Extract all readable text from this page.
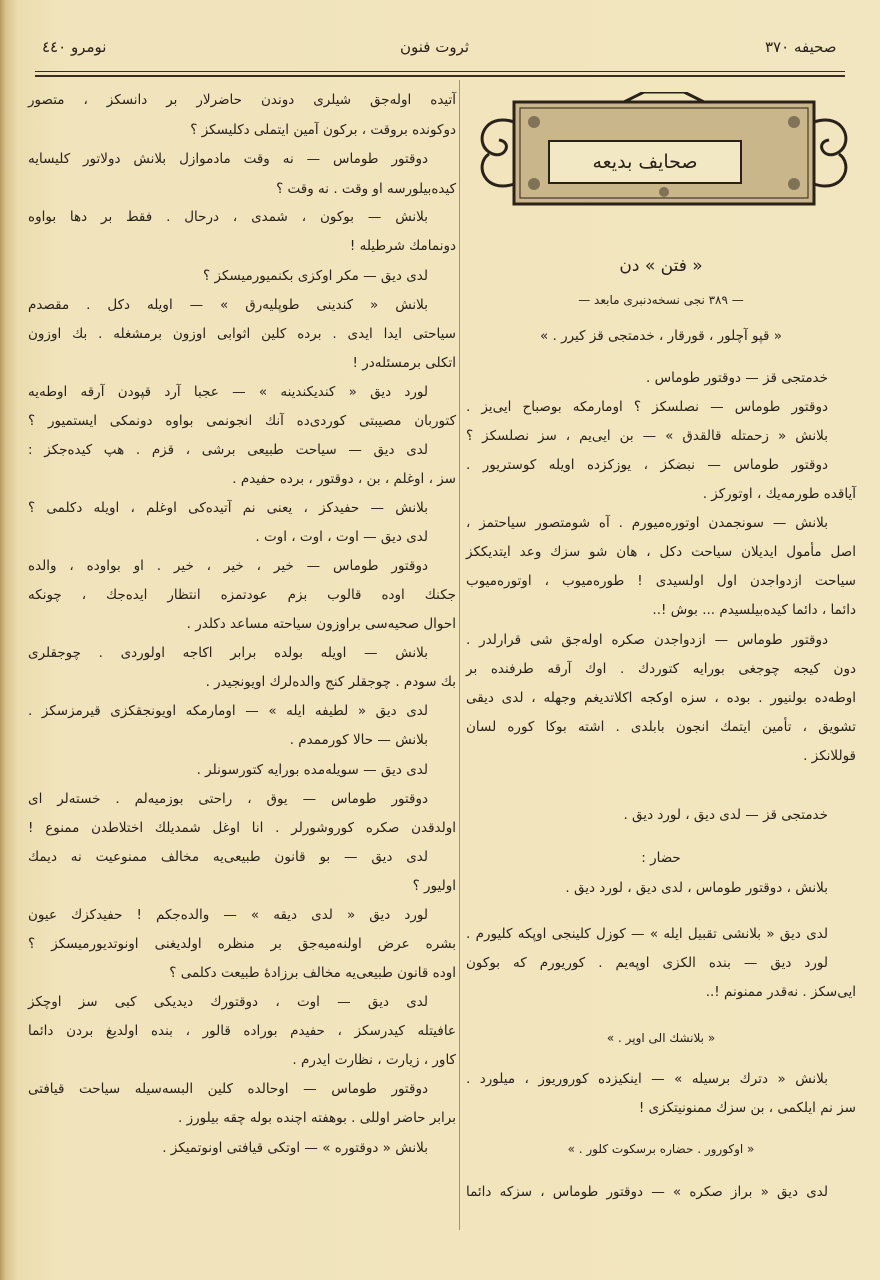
نومرو ٤٤٠	ثروت فنون	صحیفه ۳۷۰
صحایف بدیعه
« فتن » دن
— ۳۸۹ نجی نسخه‌دنبری مابعد —
« قپو آچلور ، قورقار ، خدمتجی قز کیرر . »
خدمتجی قز — دوقتور طوماس .
دوقتور طوماس — نصلسکز ؟ اومارمکه بوصباح ایی‌یز .
بلانش « زحمتله قالقدق » — بن ایی‌یم ، سز نصلسکز ؟
دوقتور طوماس — نبضکز ، یوزکزده اویله کوستریور .
آیاقده طورمه‌یك ، اوتورکز .
بلانش — سونجمدن اوتوره‌میورم . آه شومتصور سیاحتمز ،
اصل مأمول ایدیلان سیاحت دکل ، هان شو سزك وعد ایتدیککز
سیاحت ازدواجدن اول اولسیدی ! طوره‌میوب ، اوتوره‌میوب
دائما ، دائما کیده‌بیلسیدم ... بوش !..
دوقتور طوماس — ازدواجدن صکره اوله‌جق شی قرارلدر .
دون کیجه چوجغی بورایه کتوردك . اوك آرقه طرفنده بر
اوطه‌ده بولنیور . بوده ، سزه اوکجه اکلاتدیغم وجهله ، لدی دیقی
تشویق ، تأمین ایتمك انجون بابلدی . اشته بوکا کوره لسان
قوللانکز .
خدمتجی قز — لدی دیق ، لورد دیق .
حضار :
بلانش ، دوقتور طوماس ، لدی دیق ، لورد دیق .
لدی دیق « بلانشی تقبیل ایله » — کوزل کلینجی اوپکه کلیورم .
لورد دیق — بنده الکزی اوپه‌یم . کوریورم که بوکون
ایی‌سکز . نه‌قدر ممنونم !..
« بلانشك الی اوپر . »
بلانش « دترك برسیله » — اینکیزده کوروریوز ، میلورد .
سز نم ایلکمی ، بن سزك ممنونیتکزی !
« اوکورور . حضاره برسکوت کلور . »
لدی دیق « براز صکره » — دوقتور طوماس ، سزکه دائما
آتیده اوله‌جق شیلری دوندن حاضرلار بر دانسکز ، متصور
دوکونده بروقت ، برکون آمین ایتملی دکلیسکز ؟
دوقتور طوماس — نه وقت مادموازل بلانش دولاتور کلیسایه
کیده‌بیلورسه او وقت . نه وقت ؟
بلانش — بوکون ، شمدی ، درحال . فقط بر دها بواوه
دونمامك شرطیله !
لدی دیق — مکر اوکزی بکنمیورمیسکز ؟
بلانش « کندینی طوپلیه‌رق » — اویله دکل . مقصدم
سیاحتی ایدا ایدی . برده کلین اثوابی اوزون برمشغله . بك اوزون
اتکلی برمسئله‌در !
لورد دیق « کندیکندینه » — عجبا آرد قپودن آرقه اوطه‌یه
کتوربان مصیبتی کوردی‌ده آنك انجونمی بواوه دونمکی ایستمیور ؟
لدی دیق — سیاحت طبیعی برشی ، قزم . هپ کیده‌جکز :
سز ، اوغلم ، بن ، دوقتور ، برده حفیدم .
بلانش — حفیدکز ، یعنی نم آتیده‌کی اوغلم ، اویله دکلمی ؟
لدی دیق — اوت ، اوت ، اوت .
دوقتور طوماس — خیر ، خیر ، خیر . او بواوده ، والده
جکنك اوده قالوب بزم عودتمزه انتظار ایده‌جك ، چونکه
احوال صحیه‌سی براوزون سیاحته مساعد دکلدر .
بلانش — اویله بولده برابر اکاجه اولوردی . چوجقلری
بك سودم . چوجقلر کنج والده‌لرك اویونجیدر .
لدی دیق « لطیفه ایله » — اومارمکه اویونجقکزی قیرمزسکز .
بلانش — حالا کورممدم .
لدی دیق — سویله‌مده بورایه کتورسونلر .
دوقتور طوماس — یوق ، راحتی بوزمیه‌لم . خسته‌لر ای
اولدقدن صکره کوروشورلر . انا اوغل شمدیلك اختلاطدن ممنوع !
لدی دیق — بو قانون طبیعی‌یه مخالف ممنوعیت نه دیمك
اولیور ؟
لورد دیق « لدی دیقه » — والده‌جکم ! حفیدکزك عیون
بشره عرض اولنه‌میه‌جق بر منظره اولدیغنی اونوتدیورمیسکز ؟
اوده قانون طبیعی‌یه مخالف برزادهٔ طبیعت دکلمی ؟
لدی دیق — اوت ، دوقتورك دیدیکی کبی سز اوچکز
عافیتله کیدرسکز ، حفیدم بوراده قالور ، بنده اولدیغ بردن دائما
کاور ، زیارت ، نظارت ایدرم .
دوقتور طوماس — اوحالده کلین البسه‌سیله سیاحت قیافتی
برابر حاضر اوللی . بوهفته اچنده بوله چقه بیلورز .
بلانش « دوقتوره » — اوتکی قیافتی اونوتمیکز .
